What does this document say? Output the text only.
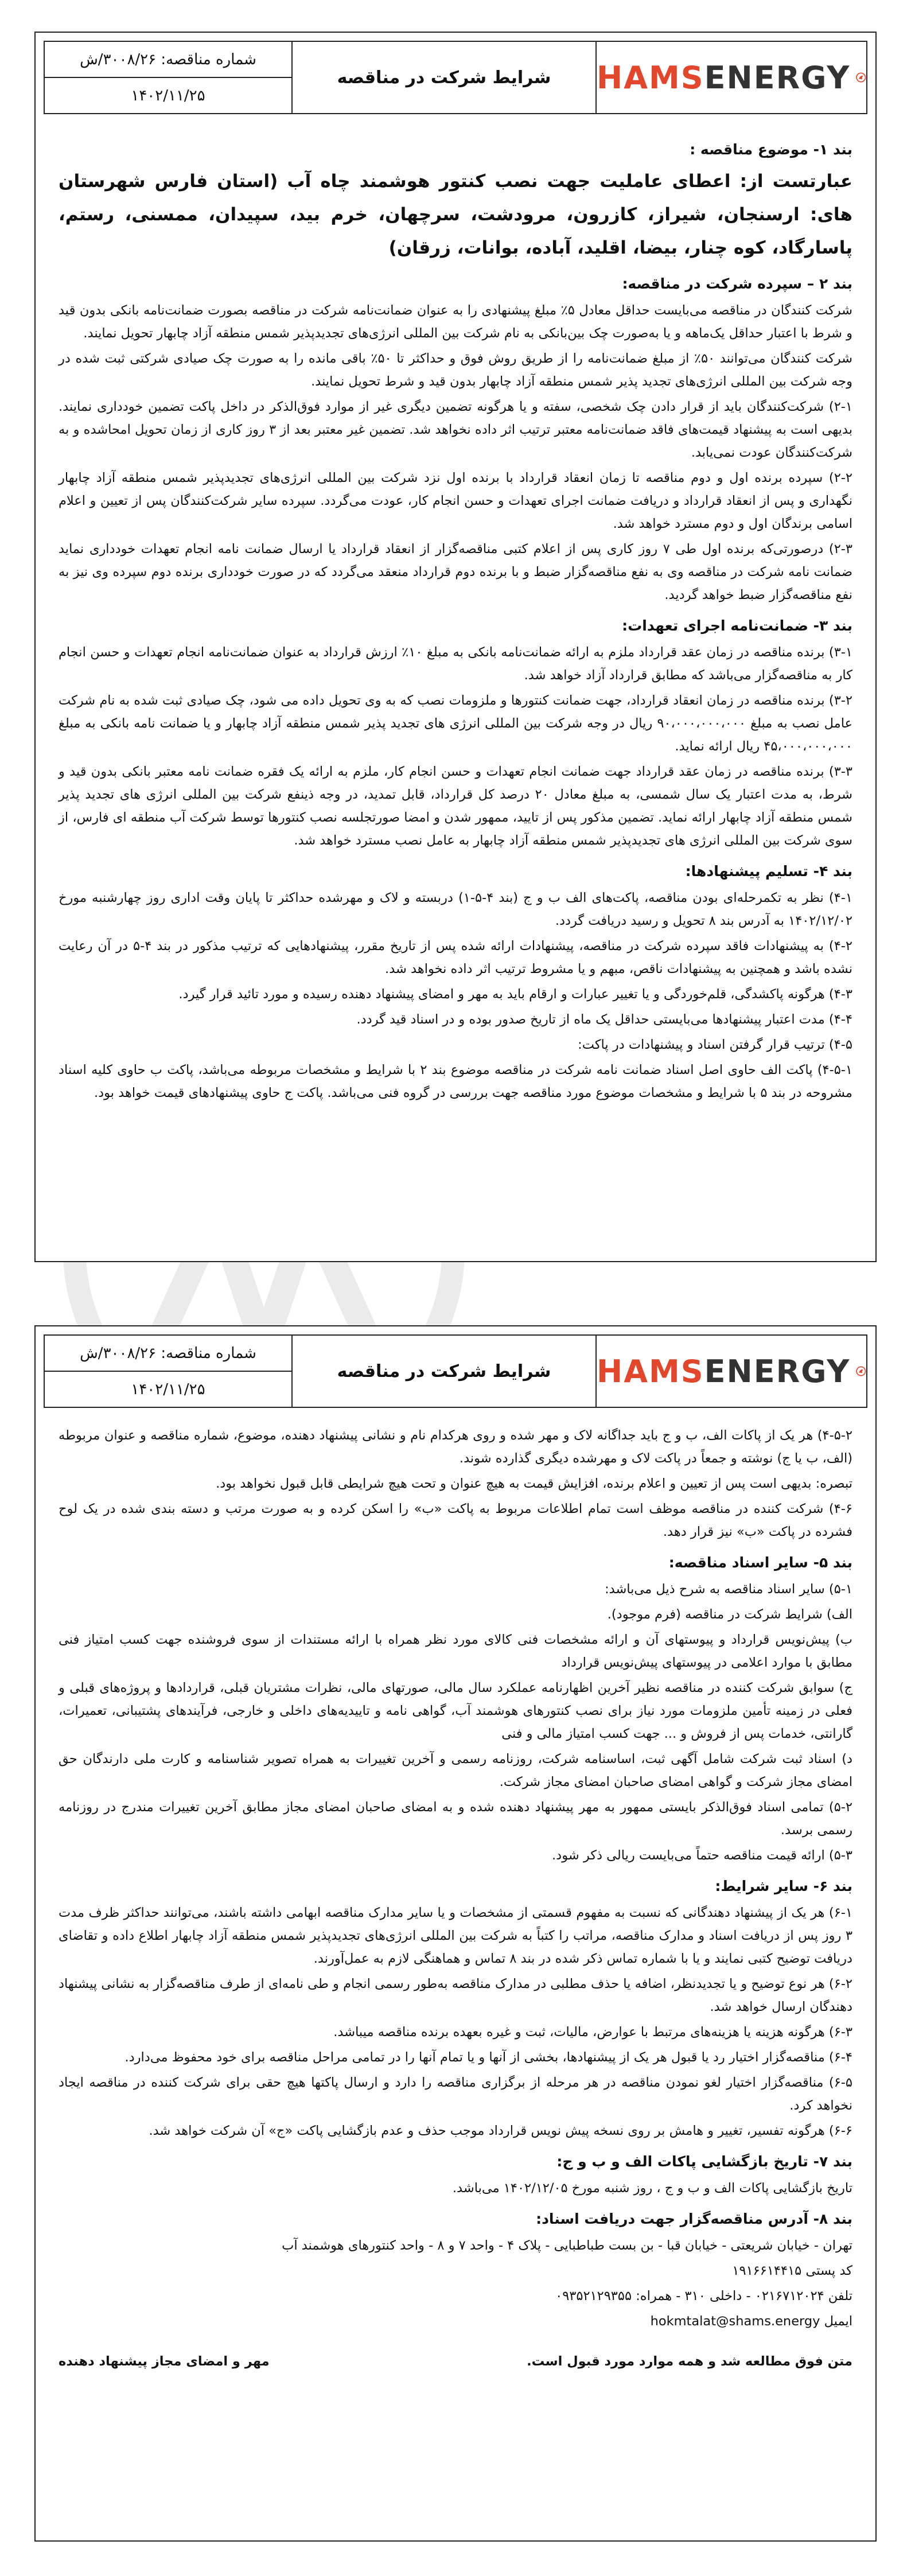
HAMSENERGY
شرایط شرکت در مناقصه
شماره مناقصه: ۳۰۰۸/۲۶/ش
۱۴۰۲/۱۱/۲۵

بند ۱- موضوع مناقصه :

عبارتست از: اعطای عاملیت جهت نصب کنتور هوشمند چاه آب (استان فارس شهرستان های: ارسنجان، شیراز، کازرون، مرودشت، سرچهان، خرم بید، سپیدان، ممسنی، رستم، پاسارگاد، کوه چنار، بیضا، اقلید، آباده، بوانات، زرقان)

بند ۲ – سپرده شرکت در مناقصه:

شرکت کنندگان در مناقصه می‌بایست حداقل معادل ۵٪ مبلغ پیشنهادی را به عنوان ضمانت‌نامه شرکت در مناقصه بصورت ضمانت‌نامه بانکی بدون قید و شرط با اعتبار حداقل یک‌ماهه و یا به‌صورت چک بین‌بانکی به نام شرکت بین المللی انرژی‌های تجدیدپذیر شمس منطقه آزاد چابهار تحویل نمایند.

شرکت کنندگان می‌توانند ۵۰٪ از مبلغ ضمانت‌نامه را از طریق روش فوق و حداکثر تا ۵۰٪ باقی مانده را به صورت چک صیادی شرکتی ثبت شده در وجه شرکت بین المللی انرژی‌های تجدید پذیر شمس منطقه آزاد چابهار بدون قید و شرط تحویل نمایند.

۲-۱) شرکت‌کنندگان باید از قرار دادن چک شخصی، سفته و یا هرگونه تضمین دیگری غیر از موارد فوق‌الذکر در داخل پاکت تضمین خودداری نمایند. بدیهی است به پیشنهاد قیمت‌های فاقد ضمانت‌نامه معتبر ترتیب اثر داده نخواهد شد. تضمین غیر معتبر بعد از ۳ روز کاری از زمان تحویل امحاشده و به شرکت‌کنندگان عودت نمی‌یابد.

۲-۲) سپرده برنده اول و دوم مناقصه تا زمان انعقاد قرارداد با برنده اول نزد شرکت بین المللی انرژی‌های تجدیدپذیر شمس منطقه آزاد چابهار نگهداری و پس از انعقاد قرارداد و دریافت ضمانت اجرای تعهدات و حسن انجام کار، عودت می‌گردد. سپرده سایر شرکت‌کنندگان پس از تعیین و اعلام اسامی برندگان اول و دوم مسترد خواهد شد.

۲-۳) درصورتی‌که برنده اول طی ۷ روز کاری پس از اعلام کتبی مناقصه‌گزار از انعقاد قرارداد یا ارسال ضمانت نامه انجام تعهدات خودداری نماید ضمانت نامه شرکت در مناقصه وی به نفع مناقصه‌گزار ضبط و با برنده دوم قرارداد منعقد می‌گردد که در صورت خودداری برنده دوم سپرده وی نیز به نفع مناقصه‌گزار ضبط خواهد گردید.

بند ۳- ضمانت‌نامه اجرای تعهدات:

۳-۱) برنده مناقصه در زمان عقد قرارداد ملزم به ارائه ضمانت‌نامه بانکی به مبلغ ۱۰٪ ارزش قرارداد به عنوان ضمانت‌نامه انجام تعهدات و حسن انجام کار به مناقصه‌گزار می‌باشد که مطابق قرارداد آزاد خواهد شد.

۳-۲) برنده مناقصه در زمان انعقاد قرارداد، جهت ضمانت کنتورها و ملزومات نصب که به وی تحویل داده می شود، چک صیادی ثبت شده به نام شرکت عامل نصب به مبلغ ۹۰،۰۰۰،۰۰۰،۰۰۰ ریال در وجه شرکت بین المللی انرژی های تجدید پذیر شمس منطقه آزاد چابهار و یا ضمانت نامه بانکی به مبلغ ۴۵،۰۰۰،۰۰۰،۰۰۰ ریال ارائه نماید.

۳-۳) برنده مناقصه در زمان عقد قرارداد جهت ضمانت انجام تعهدات و حسن انجام کار، ملزم به ارائه یک فقره ضمانت نامه معتبر بانکی بدون قید و شرط، به مدت اعتبار یک سال شمسی، به مبلغ معادل ۲۰ درصد کل قرارداد، قابل تمدید، در وجه ذینفع شرکت بین المللی انرژی های تجدید پذیر شمس منطقه آزاد چابهار ارائه نماید. تضمین مذکور پس از تایید، ممهور شدن و امضا صورتجلسه نصب کنتورها توسط شرکت آب منطقه ای فارس، از سوی شرکت بین المللی انرژی های تجدیدپذیر شمس منطقه آزاد چابهار به عامل نصب مسترد خواهد شد.

بند ۴- تسلیم پیشنهادها:

۴-۱) نظر به تکمرحله‌ای بودن مناقصه، پاکت‌های الف ب و ج (بند ۴-۵-۱) دربسته و لاک و مهرشده حداکثر تا پایان وقت اداری روز چهارشنبه مورخ ۱۴۰۲/۱۲/۰۲ به آدرس بند ۸ تحویل و رسید دریافت گردد.

۴-۲) به پیشنهادات فاقد سپرده شرکت در مناقصه، پیشنهادات ارائه شده پس از تاریخ مقرر، پیشنهادهایی که ترتیب مذکور در بند ۴-۵ در آن رعایت نشده باشد و همچنین به پیشنهادات ناقص، مبهم و یا مشروط ترتیب اثر داده نخواهد شد.

۴-۳) هرگونه پاکشدگی، قلم‌خوردگی و یا تغییر عبارات و ارقام باید به مهر و امضای پیشنهاد دهنده رسیده و مورد تائید قرار گیرد.

۴-۴) مدت اعتبار پیشنهادها می‌بایستی حداقل یک ماه از تاریخ صدور بوده و در اسناد قید گردد.

۴-۵) ترتیب قرار گرفتن اسناد و پیشنهادات در پاکت:

۴-۵-۱) پاکت الف حاوی اصل اسناد ضمانت نامه شرکت در مناقصه موضوع بند ۲ با شرایط و مشخصات مربوطه می‌باشد، پاکت ب حاوی کلیه اسناد مشروحه در بند ۵ با شرایط و مشخصات موضوع مورد مناقصه جهت بررسی در گروه فنی می‌باشد. پاکت ج حاوی پیشنهادهای قیمت خواهد بود.

HAMSENERGY
شرایط شرکت در مناقصه
شماره مناقصه: ۳۰۰۸/۲۶/ش
۱۴۰۲/۱۱/۲۵

۴-۵-۲) هر یک از پاکات الف، ب و ج باید جداگانه لاک و مهر شده و روی هرکدام نام و نشانی پیشنهاد دهنده، موضوع، شماره مناقصه و عنوان مربوطه (الف، ب یا ج) نوشته و جمعاً در پاکت لاک و مهرشده دیگری گذارده شوند.

تبصره: بدیهی است پس از تعیین و اعلام برنده، افزایش قیمت به هیچ عنوان و تحت هیچ شرایطی قابل قبول نخواهد بود.

۴-۶) شرکت کننده در مناقصه موظف است تمام اطلاعات مربوط به پاکت «ب» را اسکن کرده و به صورت مرتب و دسته بندی شده در یک لوح فشرده در پاکت «ب» نیز قرار دهد.

بند ۵- سایر اسناد مناقصه:

۵-۱) سایر اسناد مناقصه به شرح ذیل می‌باشد:

الف) شرایط شرکت در مناقصه (فرم موجود).

ب) پیش‌نویس قرارداد و پیوستهای آن و ارائه مشخصات فنی کالای مورد نظر همراه با ارائه مستندات از سوی فروشنده جهت کسب امتیاز فنی مطابق با موارد اعلامی در پیوستهای پیش‌نویس قرارداد

ج) سوابق شرکت کننده در مناقصه نظیر آخرین اظهارنامه عملکرد سال مالی، صورتهای مالی، نظرات مشتریان قبلی، قراردادها و پروژه‌های قبلی و فعلی در زمینه تأمین ملزومات مورد نیاز برای نصب کنتورهای هوشمند آب، گواهی نامه و تاییدیه‌های داخلی و خارجی، فرآیندهای پشتیبانی، تعمیرات، گارانتی، خدمات پس از فروش و ... جهت کسب امتیاز مالی و فنی

د) اسناد ثبت شرکت شامل آگهی ثبت، اساسنامه شرکت، روزنامه رسمی و آخرین تغییرات به همراه تصویر شناسنامه و کارت ملی دارندگان حق امضای مجاز شرکت و گواهی امضای صاحبان امضای مجاز شرکت.

۵-۲) تمامی اسناد فوق‌الذکر بایستی ممهور به مهر پیشنهاد دهنده شده و به امضای صاحبان امضای مجاز مطابق آخرین تغییرات مندرج در روزنامه رسمی برسد.

۵-۳) ارائه قیمت مناقصه حتماً می‌بایست ریالی ذکر شود.

بند ۶- سایر شرایط:

۶-۱) هر یک از پیشنهاد دهندگانی که نسبت به مفهوم قسمتی از مشخصات و یا سایر مدارک مناقصه ابهامی داشته باشند، می‌توانند حداکثر ظرف مدت ۳ روز پس از دریافت اسناد و مدارک مناقصه، مراتب را کتباً به شرکت بین المللی انرژی‌های تجدیدپذیر شمس منطقه آزاد چابهار اطلاع داده و تقاضای دریافت توضیح کتبی نمایند و یا با شماره تماس ذکر شده در بند ۸ تماس و هماهنگی لازم به عمل‌آورند.

۶-۲) هر نوع توضیح و یا تجدیدنظر، اضافه یا حذف مطلبی در مدارک مناقصه به‌طور رسمی انجام و طی نامه‌ای از طرف مناقصه‌گزار به نشانی پیشنهاد دهندگان ارسال خواهد شد.

۶-۳) هرگونه هزینه یا هزینه‌های مرتبط با عوارض، مالیات، ثبت و غیره بعهده برنده مناقصه میباشد.

۶-۴) مناقصه‌گزار اختیار رد یا قبول هر یک از پیشنهادها، بخشی از آنها و یا تمام آنها را در تمامی مراحل مناقصه برای خود محفوظ می‌دارد.

۶-۵) مناقصه‌گزار اختیار لغو نمودن مناقصه در هر مرحله از برگزاری مناقصه را دارد و ارسال پاکتها هیچ حقی برای شرکت کننده در مناقصه ایجاد نخواهد کرد.

۶-۶) هرگونه تفسیر، تغییر و هامش بر روی نسخه پیش نویس قرارداد موجب حذف و عدم بازگشایی پاکت «ج» آن شرکت خواهد شد.

بند ۷- تاریخ بازگشایی پاکات الف و ب و ج:

تاریخ بازگشایی پاکات الف و ب و ج ، روز شنبه مورخ ۱۴۰۲/۱۲/۰۵ می‌باشد.

بند ۸- آدرس مناقصه‌گزار جهت دریافت اسناد:

تهران - خیابان شریعتی - خیابان قبا - بن بست طباطبایی - پلاک ۴ - واحد ۷ و ۸ - واحد کنتورهای هوشمند آب

کد پستی ۱۹۱۶۶۱۴۴۱۵

تلفن ۰۲۱۶۷۱۲۰۲۴ - داخلی ۳۱۰ - همراه: ۰۹۳۵۲۱۲۹۳۵۵

ایمیل hokmtalat@shams.energy

متن فوق مطالعه شد و همه موارد مورد قبول است.
مهر و امضای مجاز پیشنهاد دهنده
